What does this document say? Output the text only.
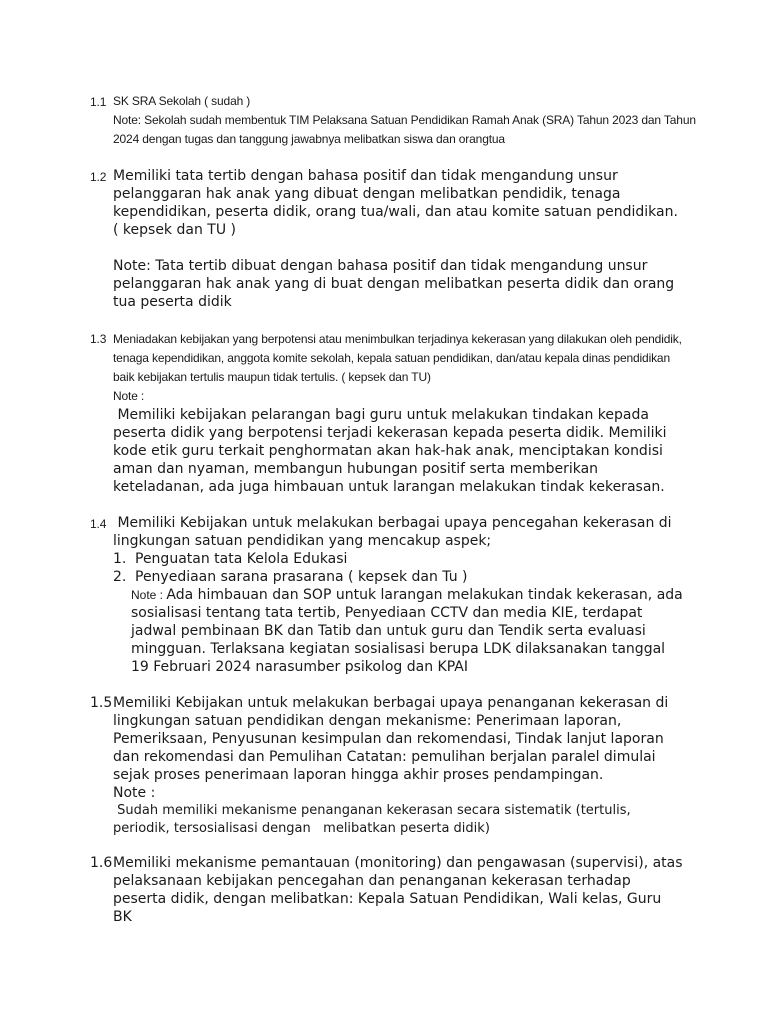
1.1 SK SRA Sekolah ( sudah )

Note: Sekolah sudah membentuk TIM Pelaksana Satuan Pendidikan Ramah Anak (SRA) Tahun 2023 dan Tahun 2024 dengan tugas dan tanggung jawabnya melibatkan siswa dan orangtua

1.2 Memiliki tata tertib dengan bahasa positif dan tidak mengandung unsur pelanggaran hak anak yang dibuat dengan melibatkan pendidik, tenaga kependidikan, peserta didik, orang tua/wali, dan atau komite satuan pendidikan.( kepsek dan TU )

Note: Tata tertib dibuat dengan bahasa positif dan tidak mengandung unsur pelanggaran hak anak yang di buat dengan melibatkan peserta didik dan orang tua peserta didik

1.3 Meniadakan kebijakan yang berpotensi atau menimbulkan terjadinya kekerasan yang dilakukan oleh pendidik, tenaga kependidikan, anggota komite sekolah, kepala satuan pendidikan, dan/atau kepala dinas pendidikan baik kebijakan tertulis maupun tidak tertulis. ( kepsek dan TU)

Note :

Memiliki kebijakan pelarangan bagi guru untuk melakukan tindakan kepada peserta didik yang berpotensi terjadi kekerasan kepada peserta didik. Memiliki kode etik guru terkait penghormatan akan hak-hak anak, menciptakan kondisi aman dan nyaman, membangun hubungan positif serta memberikan keteladanan, ada juga himbauan untuk larangan melakukan tindak kekerasan.

1.4 Memiliki Kebijakan untuk melakukan berbagai upaya pencegahan kekerasan di lingkungan satuan pendidikan yang mencakup aspek;

1. Penguatan tata Kelola Edukasi
2. Penyediaan sarana prasarana ( kepsek dan Tu )

Note : Ada himbauan dan SOP untuk larangan melakukan tindak kekerasan, ada sosialisasi tentang tata tertib, Penyediaan CCTV dan media KIE, terdapat jadwal pembinaan BK dan Tatib dan untuk guru dan Tendik serta evaluasi mingguan. Terlaksana kegiatan sosialisasi berupa LDK dilaksanakan tanggal 19 Februari 2024 narasumber psikolog dan KPAI

1.5 Memiliki Kebijakan untuk melakukan berbagai upaya penanganan kekerasan di lingkungan satuan pendidikan dengan mekanisme: Penerimaan laporan, Pemeriksaan, Penyusunan kesimpulan dan rekomendasi, Tindak lanjut laporan dan rekomendasi dan Pemulihan Catatan: pemulihan berjalan paralel dimulai sejak proses penerimaan laporan hingga akhir proses pendampingan.

Note :

Sudah memiliki mekanisme penanganan kekerasan secara sistematik (tertulis, periodik, tersosialisasi dengan   melibatkan peserta didik)

1.6 Memiliki mekanisme pemantauan (monitoring) dan pengawasan (supervisi), atas pelaksanaan kebijakan pencegahan dan penanganan kekerasan terhadap peserta didik, dengan melibatkan: Kepala Satuan Pendidikan, Wali kelas, Guru BK
